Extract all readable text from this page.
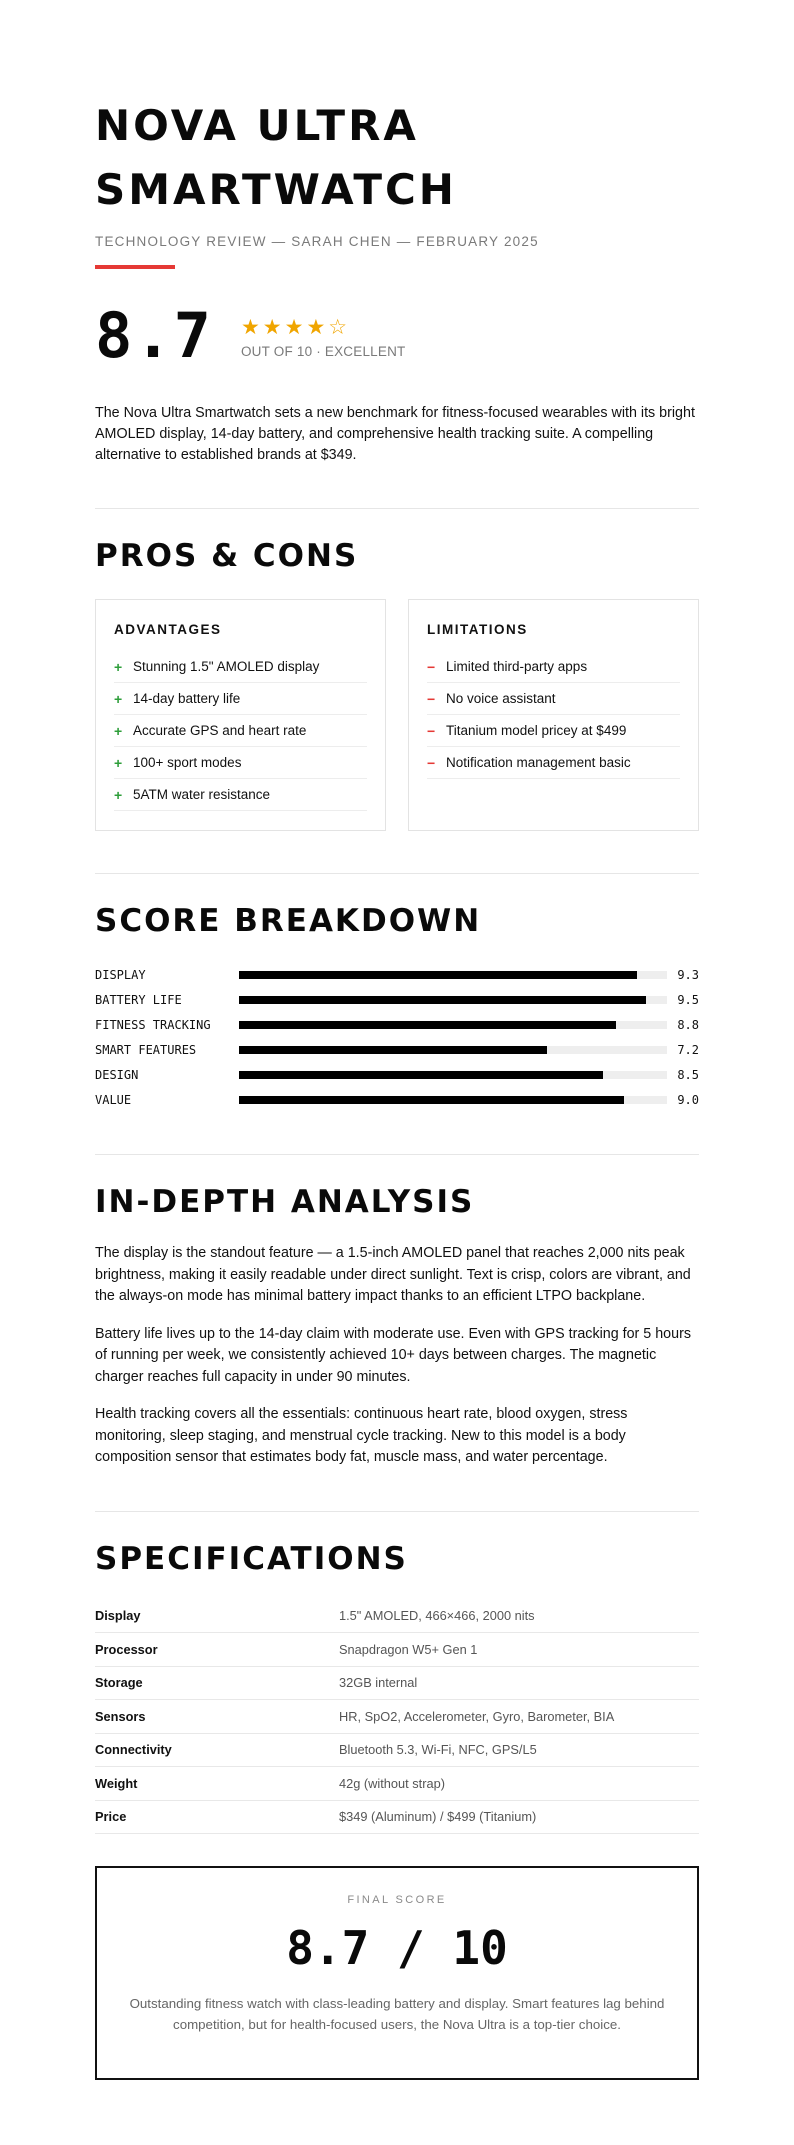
NOVA ULTRA
SMARTWATCH
TECHNOLOGY REVIEW — SARAH CHEN — FEBRUARY 2025
8.7 ★★★★☆
OUT OF 10 · EXCELLENT

The Nova Ultra Smartwatch sets a new benchmark for fitness-focused wearables with its bright AMOLED display, 14-day battery, and comprehensive health tracking suite. A compelling alternative to established brands at $349.

PROS & CONS
ADVANTAGES
+ Stunning 1.5" AMOLED display
+ 14-day battery life
+ Accurate GPS and heart rate
+ 100+ sport modes
+ 5ATM water resistance
LIMITATIONS
− Limited third-party apps
− No voice assistant
− Titanium model pricey at $499
− Notification management basic
SCORE BREAKDOWN
DISPLAY	9.3
BATTERY LIFE	9.5
FITNESS TRACKING	8.8
SMART FEATURES	7.2
DESIGN	8.5
VALUE	9.0
IN-DEPTH ANALYSIS

The display is the standout feature — a 1.5-inch AMOLED panel that reaches 2,000 nits peak brightness, making it easily readable under direct sunlight. Text is crisp, colors are vibrant, and the always-on mode has minimal battery impact thanks to an efficient LTPO backplane.

Battery life lives up to the 14-day claim with moderate use. Even with GPS tracking for 5 hours of running per week, we consistently achieved 10+ days between charges. The magnetic charger reaches full capacity in under 90 minutes.

Health tracking covers all the essentials: continuous heart rate, blood oxygen, stress monitoring, sleep staging, and menstrual cycle tracking. New to this model is a body composition sensor that estimates body fat, muscle mass, and water percentage.

SPECIFICATIONS
Display	1.5" AMOLED, 466×466, 2000 nits
Processor	Snapdragon W5+ Gen 1
Storage	32GB internal
Sensors	HR, SpO2, Accelerometer, Gyro, Barometer, BIA
Connectivity	Bluetooth 5.3, Wi-Fi, NFC, GPS/L5
Weight	42g (without strap)
Price	$349 (Aluminum) / $499 (Titanium)
FINAL SCORE
8.7 / 10
Outstanding fitness watch with class-leading battery and display. Smart features lag behind competition, but for health-focused users, the Nova Ultra is a top-tier choice.
